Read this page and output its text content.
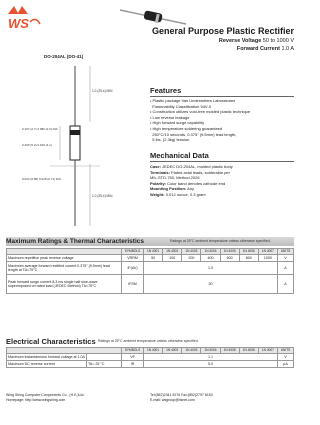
WS	General Purpose Plastic Rectifier
Reverse Voltage 50 to 1000 V
Forward Current 1.0 A
DO-204AL (DO-41)
1.0 (25.4) MIN
0.107 (2.7) 0.080 (2.0) DIA
0.205 (5.2) 0.160 (4.1)
0.034 (0.86) 0.028 (0.71) DIA
1.0 (25.4) MIN
Features
• Plastic package has Underwriters Laboratories
Flammability Classification 94V-0
• Construction utilizes void-free molded plastic technique
• Low reverse leakage
• High forward surge capability
• High temperature soldering guaranteed
250°C/10 seconds, 0.375" (9.5mm) lead length,
5 lbs. (2.3kg) tension
Mechanical Data
Case: JEDEC DO-204AL, molded plastic body
Terminals: Plated axial leads, solderable per
MIL-STD-750, Method 2026
Polarity: Color band denotes cathode end
Mounting Position: Any
Weight: 0.012 ounce, 0.3 gram
Maximum Ratings & Thermal Characteristics	Ratings at 25°C ambient temperature unless otherwise specified.
	SYMBOLS	1N 4001	1N 4002	1N 4003	1N 4004	1N 4005	1N 4006	1N 4007	UNITS
Maximum repetitive peak reverse voltage	VRRM	50	100	200	400	600	800	1000	V
Maximum average forward rectified current 0.375" (9.5mm) lead length at TA=75°C	IF(AV)	1.0							A
Peak forward surge current 8.3 ms single half sine-wave superimposed on rated load (JEDEC Method) TA=75°C	IFSM	30							A
Electrical Characteristics Ratings at 25°C ambient temperature unless otherwise specified.
		SYMBOLS	1N 4001	1N 4002	1N 4003	1N 4004	1N 4005	1N 4006	1N 4007	UNITS
Maximum instantaneous forward voltage at 1.0A		VF	1.1							V
Maximum DC reverse current	TA= 25 °C	IR	5.0							μA
Wing Shing Computer Components Co., (H.K.)Ltd.
Homepage: http://www.wingshing.com
Tel:(852)2341 9276 Fax:(852)2797 8153
E-mail: wsgroup@hknet.com
